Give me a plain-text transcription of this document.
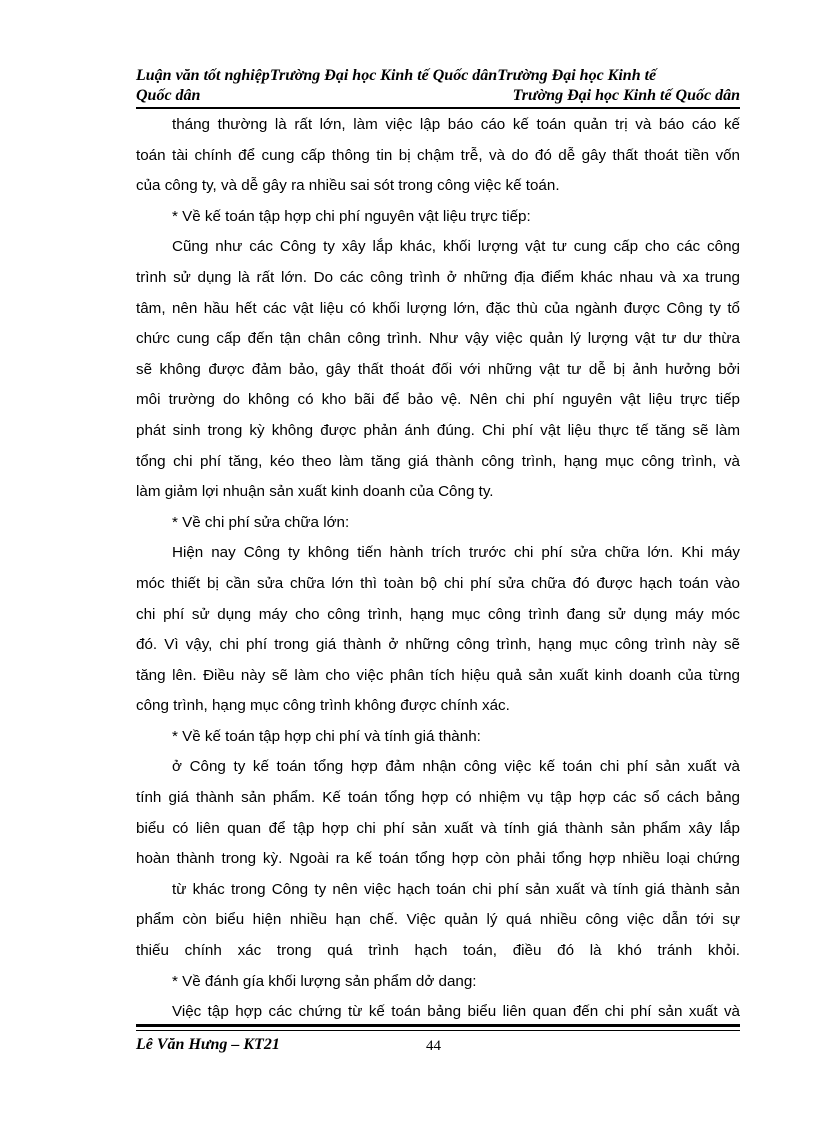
Luận văn tốt nghiệpTrường Đại học Kinh tế Quốc dânTrường Đại học Kinh tế
Quốc dân	Trường Đại học Kinh tế Quốc dân
tháng thường là rất lớn, làm việc lập báo cáo kế toán quản trị và báo cáo kế
toán tài chính để cung cấp thông tin bị chậm trễ, và do đó dễ gây thất thoát tiền vốn
của công ty, và dễ gây ra nhiều sai sót trong công việc kế toán.
* Về kế toán tập hợp chi phí nguyên vật liệu trực tiếp:
Cũng như các Công ty xây lắp khác, khối lượng vật tư cung cấp cho các công
trình sử dụng là rất lớn. Do các công trình ở những địa điểm khác nhau và xa trung
tâm, nên hầu hết các vật liệu có khối lượng lớn, đặc thù của ngành được Công ty tổ
chức cung cấp đến tận chân công trình. Như vậy việc quản lý lượng vật tư dư thừa
sẽ không được đảm bảo, gây thất thoát đối với những vật tư dễ bị ảnh hưởng bởi
môi trường do không có kho bãi để bảo vệ. Nên chi phí nguyên vật liệu trực tiếp
phát sinh trong kỳ không được phản ánh đúng. Chi phí vật liệu thực tế tăng sẽ làm
tổng chi phí tăng, kéo theo làm tăng giá thành công trình, hạng mục công trình, và
làm giảm lợi nhuận sản xuất kinh doanh của Công ty.
* Về chi phí sửa chữa lớn:
Hiện nay Công ty không tiến hành trích trước chi phí sửa chữa lớn. Khi máy
móc thiết bị cần sửa chữa lớn thì toàn bộ chi phí sửa chữa đó được hạch toán vào
chi phí sử dụng máy cho công trình, hạng mục công trình đang sử dụng máy móc
đó. Vì vậy, chi phí trong giá thành ở những công trình, hạng mục công trình này sẽ
tăng lên. Điều này sẽ làm cho việc phân tích hiệu quả sản xuất kinh doanh của từng
công trình, hạng mục công trình không được chính xác.
* Về kế toán tập hợp chi phí và tính giá thành:
ở Công ty kế toán tổng hợp đảm nhận công việc kế toán chi phí sản xuất và
tính giá thành sản phẩm. Kế toán tổng hợp có nhiệm vụ tập hợp các sổ cách bảng
biểu có liên quan để tập hợp chi phí sản xuất và tính giá thành sản phẩm xây lắp
hoàn thành trong kỳ. Ngoài ra kế toán tổng hợp còn phải tổng hợp nhiều loại chứng
từ khác trong Công ty nên việc hạch toán chi phí sản xuất và tính giá thành sản
phẩm còn biểu hiện nhiều hạn chế. Việc quản lý quá nhiều công việc dẫn tới sự
thiếu chính xác trong quá trình hạch toán, điều đó là khó tránh khỏi.
* Về đánh gía khối lượng sản phẩm dở dang:
Việc tập hợp các chứng từ kế toán bảng biểu liên quan đến chi phí sản xuất và
Lê Văn Hưng – KT21	44
